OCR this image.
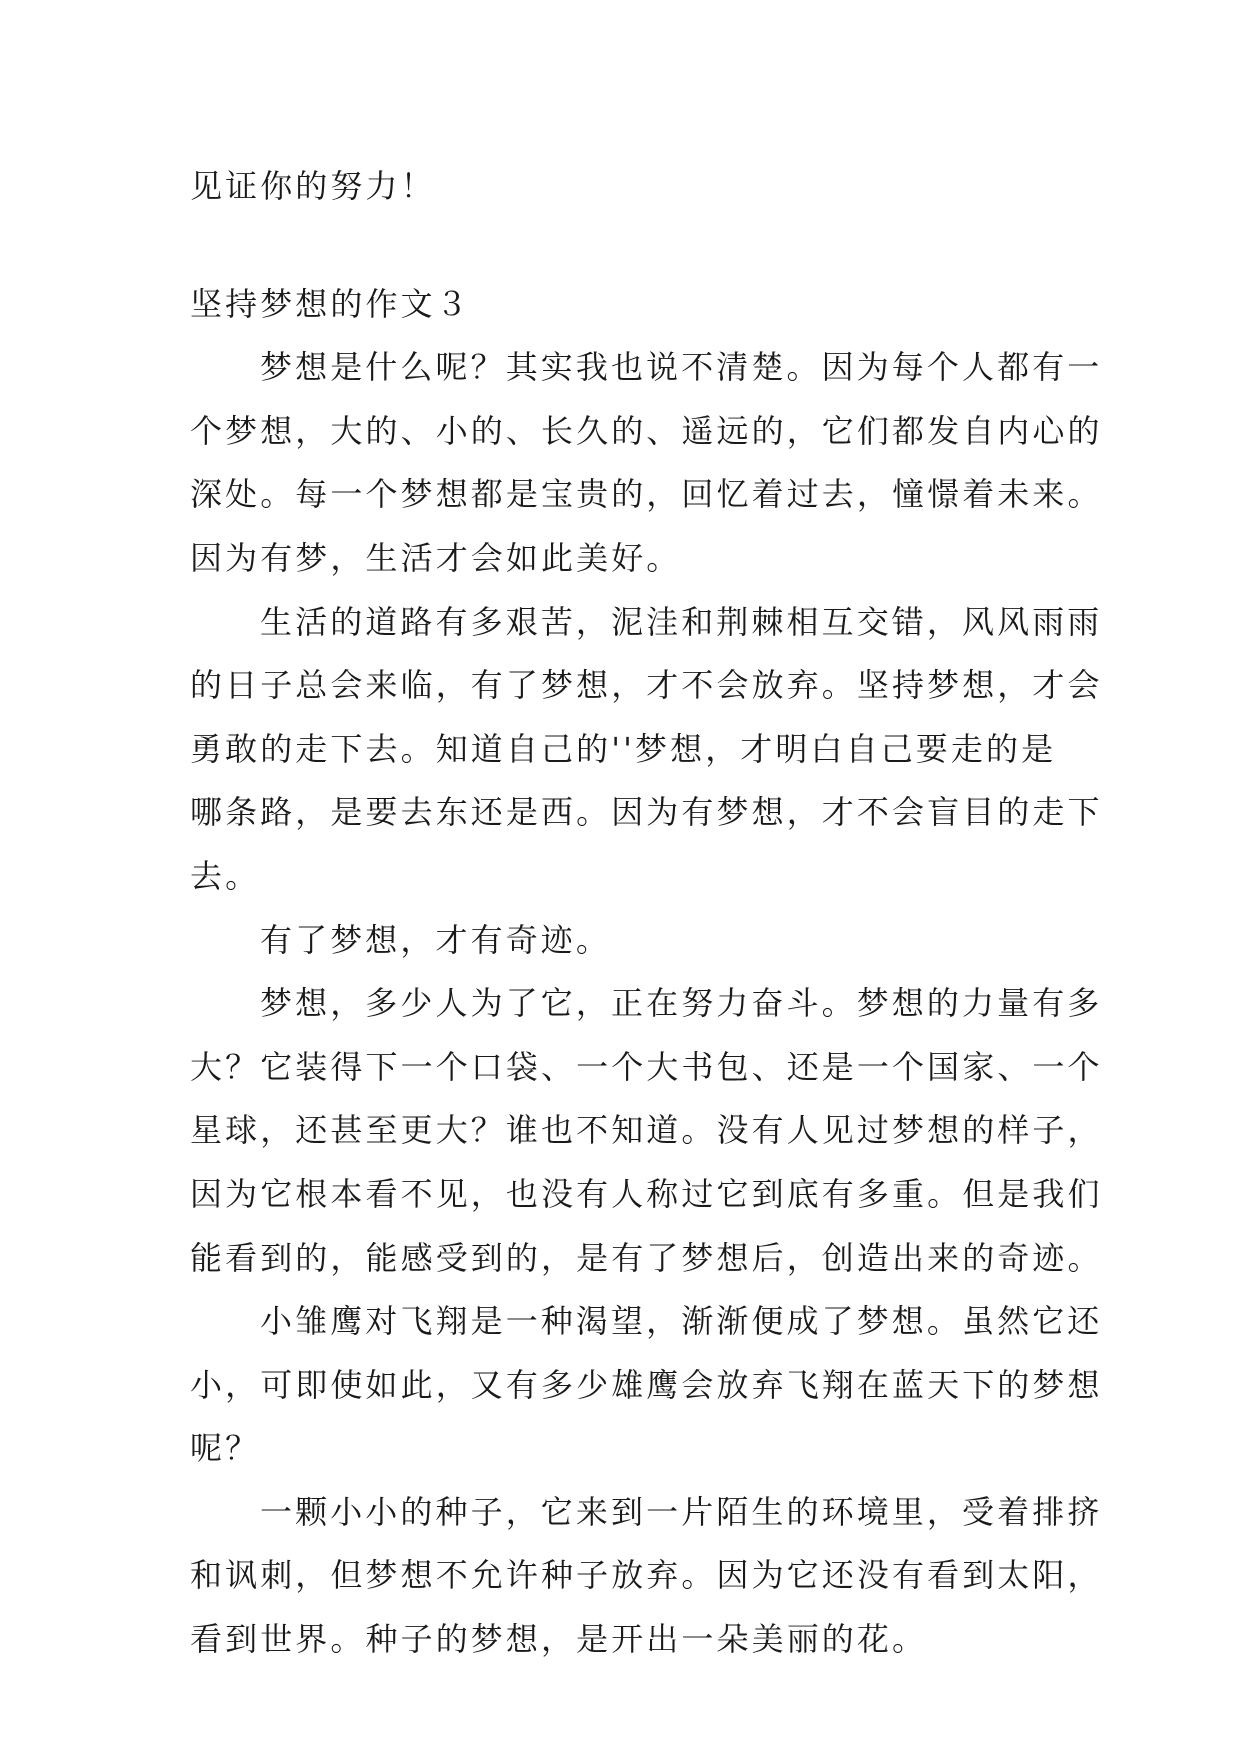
见证你的努力！
坚持梦想的作文３
梦想是什么呢？其实我也说不清楚。因为每个人都有一
个梦想，大的、小的、长久的、遥远的，它们都发自内心的
深处。每一个梦想都是宝贵的，回忆着过去，憧憬着未来。
因为有梦，生活才会如此美好。
生活的道路有多艰苦，泥洼和荆棘相互交错，风风雨雨
的日子总会来临，有了梦想，才不会放弃。坚持梦想，才会
勇敢的走下去。知道自己的''梦想，才明白自己要走的是
哪条路，是要去东还是西。因为有梦想，才不会盲目的走下
去。
有了梦想，才有奇迹。
梦想，多少人为了它，正在努力奋斗。梦想的力量有多
大？它装得下一个口袋、一个大书包、还是一个国家、一个
星球，还甚至更大？谁也不知道。没有人见过梦想的样子，
因为它根本看不见，也没有人称过它到底有多重。但是我们
能看到的，能感受到的，是有了梦想后，创造出来的奇迹。
小雏鹰对飞翔是一种渴望，渐渐便成了梦想。虽然它还
小，可即使如此，又有多少雄鹰会放弃飞翔在蓝天下的梦想
呢？
一颗小小的种子，它来到一片陌生的环境里，受着排挤
和讽刺，但梦想不允许种子放弃。因为它还没有看到太阳，
看到世界。种子的梦想，是开出一朵美丽的花。
